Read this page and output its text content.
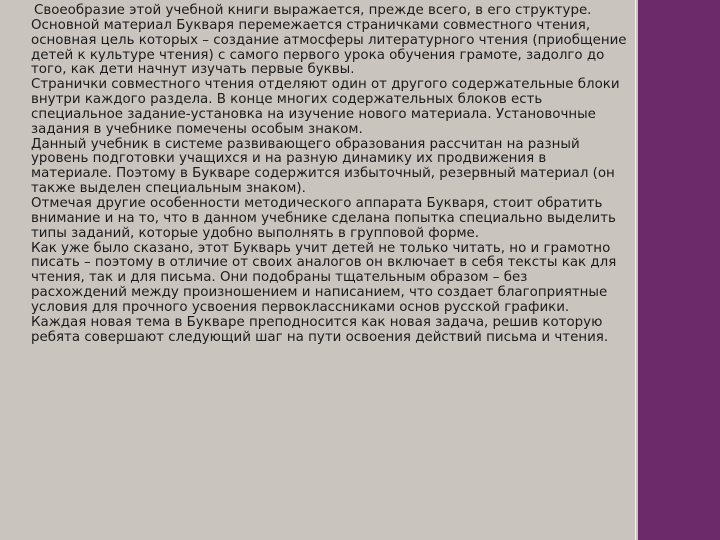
Своеобразие этой учебной книги выражается, прежде всего, в его структуре. Основной материал Букваря перемежается страничками совместного чтения, основная цель которых – создание атмосферы литературного чтения (приобщение детей к культуре чтения) с самого первого урока обучения грамоте, задолго до того, как дети начнут изучать первые буквы.

Странички совместного чтения отделяют один от другого содержательные блоки внутри каждого раздела. В конце многих содержательных блоков есть специальное задание-установка на изучение нового материала. Установочные задания в учебнике помечены особым знаком.

Данный учебник в системе развивающего образования рассчитан на разный уровень подготовки учащихся и на разную динамику их продвижения в материале. Поэтому в Букваре содержится избыточный, резервный материал (он также выделен специальным знаком).

Отмечая другие особенности методического аппарата Букваря, стоит обратить внимание и на то, что в данном учебнике сделана попытка специально выделить типы заданий, которые удобно выполнять в групповой форме.

Как уже было сказано, этот Букварь учит детей не только читать, но и грамотно писать – поэтому в отличие от своих аналогов он включает в себя тексты как для чтения, так и для письма. Они подобраны тщательным образом – без расхождений между произношением и написанием, что создает благоприятные условия для прочного усвоения первоклассниками основ русской графики.

Каждая новая тема в Букваре преподносится как новая задача, решив которую ребята совершают следующий шаг на пути освоения действий письма и чтения.
